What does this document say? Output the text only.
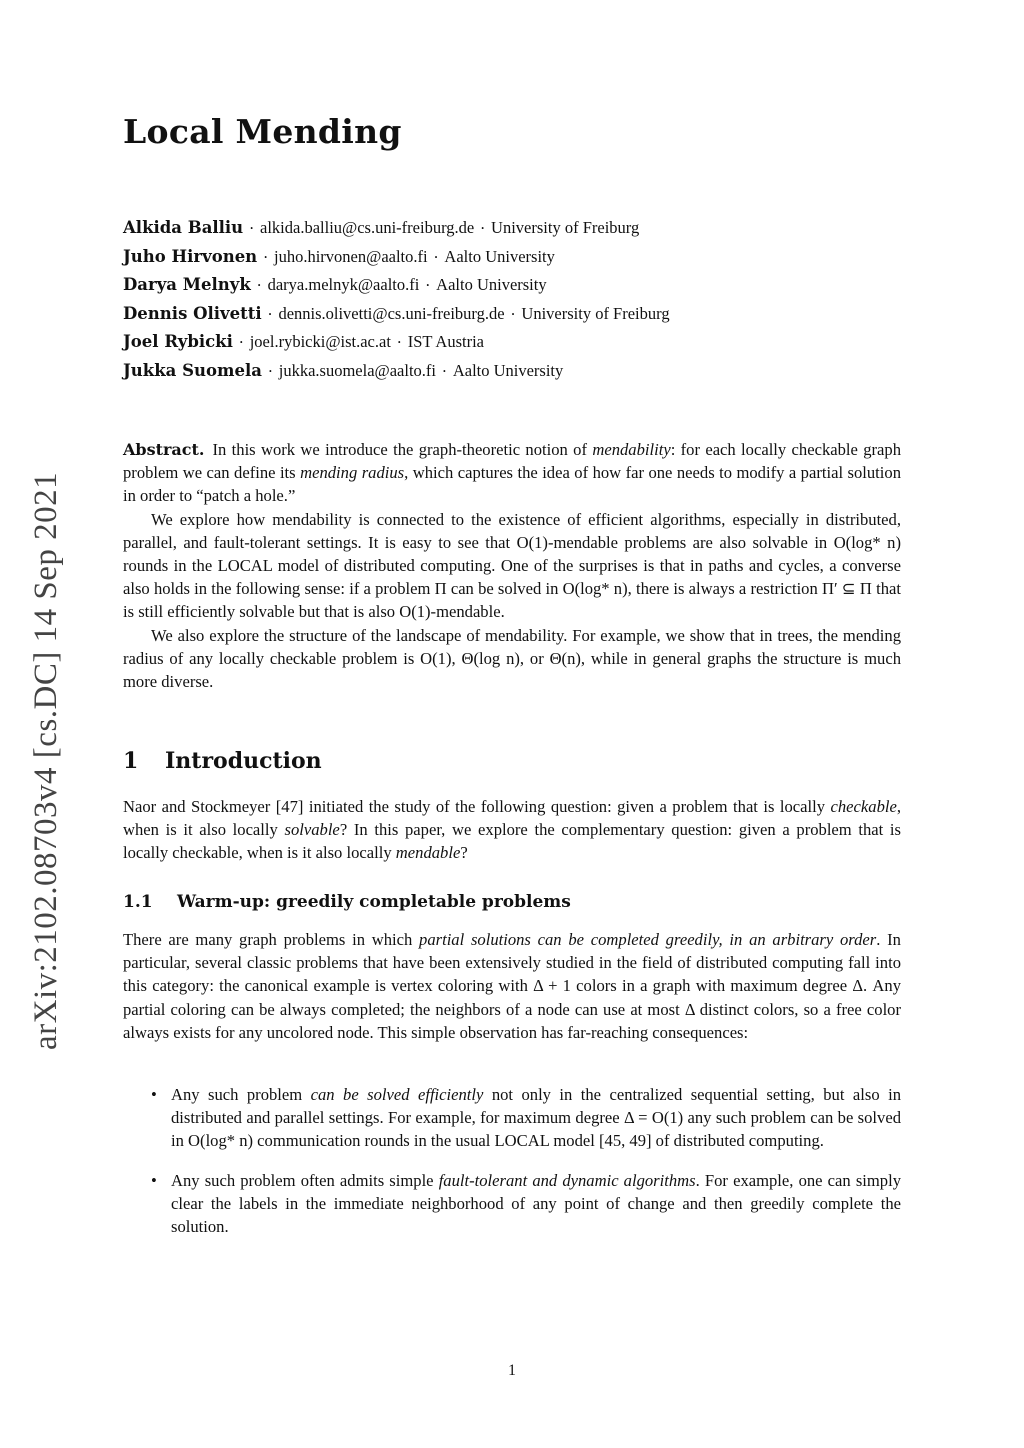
arXiv:2102.08703v4 [cs.DC] 14 Sep 2021
Local Mending
Alkida Balliu · alkida.balliu@cs.uni-freiburg.de · University of Freiburg
Juho Hirvonen · juho.hirvonen@aalto.fi · Aalto University
Darya Melnyk · darya.melnyk@aalto.fi · Aalto University
Dennis Olivetti · dennis.olivetti@cs.uni-freiburg.de · University of Freiburg
Joel Rybicki · joel.rybicki@ist.ac.at · IST Austria
Jukka Suomela · jukka.suomela@aalto.fi · Aalto University

Abstract. In this work we introduce the graph-theoretic notion of mendability: for each locally checkable graph problem we can define its mending radius, which captures the idea of how far one needs to modify a partial solution in order to “patch a hole.”

We explore how mendability is connected to the existence of efficient algorithms, especially in distributed, parallel, and fault-tolerant settings. It is easy to see that O(1)-mendable problems are also solvable in O(log* n) rounds in the LOCAL model of distributed computing. One of the surprises is that in paths and cycles, a converse also holds in the following sense: if a problem Π can be solved in O(log* n), there is always a restriction Π′ ⊆ Π that is still efficiently solvable but that is also O(1)-mendable.

We also explore the structure of the landscape of mendability. For example, we show that in trees, the mending radius of any locally checkable problem is O(1), Θ(log n), or Θ(n), while in general graphs the structure is much more diverse.

1 Introduction

Naor and Stockmeyer [47] initiated the study of the following question: given a problem that is locally checkable, when is it also locally solvable? In this paper, we explore the complementary question: given a problem that is locally checkable, when is it also locally mendable?

1.1 Warm-up: greedily completable problems

There are many graph problems in which partial solutions can be completed greedily, in an arbitrary order. In particular, several classic problems that have been extensively studied in the field of distributed computing fall into this category: the canonical example is vertex coloring with Δ + 1 colors in a graph with maximum degree Δ. Any partial coloring can be always completed; the neighbors of a node can use at most Δ distinct colors, so a free color always exists for any uncolored node. This simple observation has far-reaching consequences:

• Any such problem can be solved efficiently not only in the centralized sequential setting, but also in distributed and parallel settings. For example, for maximum degree Δ = O(1) any such problem can be solved in O(log* n) communication rounds in the usual LOCAL model [45, 49] of distributed computing.
• Any such problem often admits simple fault-tolerant and dynamic algorithms. For example, one can simply clear the labels in the immediate neighborhood of any point of change and then greedily complete the solution.
1
